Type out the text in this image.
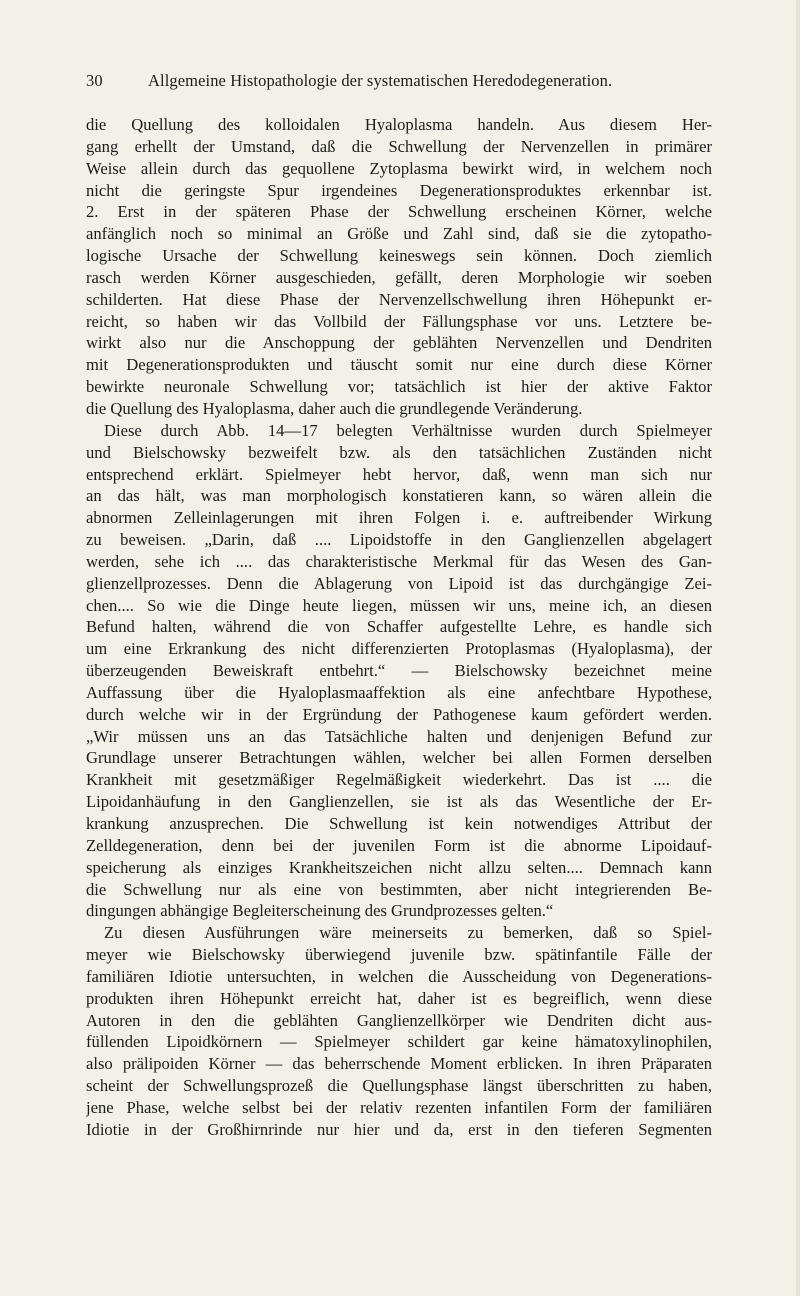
30	Allgemeine Histopathologie der systematischen Heredodegeneration.
die Quellung des kolloidalen Hyaloplasma handeln. Aus diesem Her-
gang erhellt der Umstand, daß die Schwellung der Nervenzellen in primärer
Weise allein durch das gequollene Zytoplasma bewirkt wird, in welchem noch
nicht die geringste Spur irgendeines Degenerationsproduktes erkennbar ist.
2. Erst in der späteren Phase der Schwellung erscheinen Körner, welche
anfänglich noch so minimal an Größe und Zahl sind, daß sie die zytopatho-
logische Ursache der Schwellung keineswegs sein können. Doch ziemlich
rasch werden Körner ausgeschieden, gefällt, deren Morphologie wir soeben
schilderten. Hat diese Phase der Nervenzellschwellung ihren Höhepunkt er-
reicht, so haben wir das Vollbild der Fällungsphase vor uns. Letztere be-
wirkt also nur die Anschoppung der geblähten Nervenzellen und Dendriten
mit Degenerationsprodukten und täuscht somit nur eine durch diese Körner
bewirkte neuronale Schwellung vor; tatsächlich ist hier der aktive Faktor
die Quellung des Hyaloplasma, daher auch die grundlegende Veränderung.
Diese durch Abb. 14—17 belegten Verhältnisse wurden durch Spielmeyer
und Bielschowsky bezweifelt bzw. als den tatsächlichen Zuständen nicht
entsprechend erklärt. Spielmeyer hebt hervor, daß, wenn man sich nur
an das hält, was man morphologisch konstatieren kann, so wären allein die
abnormen Zelleinlagerungen mit ihren Folgen i. e. auftreibender Wirkung
zu beweisen. „Darin, daß .... Lipoidstoffe in den Ganglienzellen abgelagert
werden, sehe ich .... das charakteristische Merkmal für das Wesen des Gan-
glienzellprozesses. Denn die Ablagerung von Lipoid ist das durchgängige Zei-
chen.... So wie die Dinge heute liegen, müssen wir uns, meine ich, an diesen
Befund halten, während die von Schaffer aufgestellte Lehre, es handle sich
um eine Erkrankung des nicht differenzierten Protoplasmas (Hyaloplasma), der
überzeugenden Beweiskraft entbehrt.“ — Bielschowsky bezeichnet meine
Auffassung über die Hyaloplasmaaffektion als eine anfechtbare Hypothese,
durch welche wir in der Ergründung der Pathogenese kaum gefördert werden.
„Wir müssen uns an das Tatsächliche halten und denjenigen Befund zur
Grundlage unserer Betrachtungen wählen, welcher bei allen Formen derselben
Krankheit mit gesetzmäßiger Regelmäßigkeit wiederkehrt. Das ist .... die
Lipoidanhäufung in den Ganglienzellen, sie ist als das Wesentliche der Er-
krankung anzusprechen. Die Schwellung ist kein notwendiges Attribut der
Zelldegeneration, denn bei der juvenilen Form ist die abnorme Lipoidauf-
speicherung als einziges Krankheitszeichen nicht allzu selten.... Demnach kann
die Schwellung nur als eine von bestimmten, aber nicht integrierenden Be-
dingungen abhängige Begleiterscheinung des Grundprozesses gelten.“
Zu diesen Ausführungen wäre meinerseits zu bemerken, daß so Spiel-
meyer wie Bielschowsky überwiegend juvenile bzw. spätinfantile Fälle der
familiären Idiotie untersuchten, in welchen die Ausscheidung von Degenerations-
produkten ihren Höhepunkt erreicht hat, daher ist es begreiflich, wenn diese
Autoren in den die geblähten Ganglienzellkörper wie Dendriten dicht aus-
füllenden Lipoidkörnern — Spielmeyer schildert gar keine hämatoxylinophilen,
also prälipoiden Körner — das beherrschende Moment erblicken. In ihren Präparaten
scheint der Schwellungsprozeß die Quellungsphase längst überschritten zu haben,
jene Phase, welche selbst bei der relativ rezenten infantilen Form der familiären
Idiotie in der Großhirnrinde nur hier und da, erst in den tieferen Segmenten
